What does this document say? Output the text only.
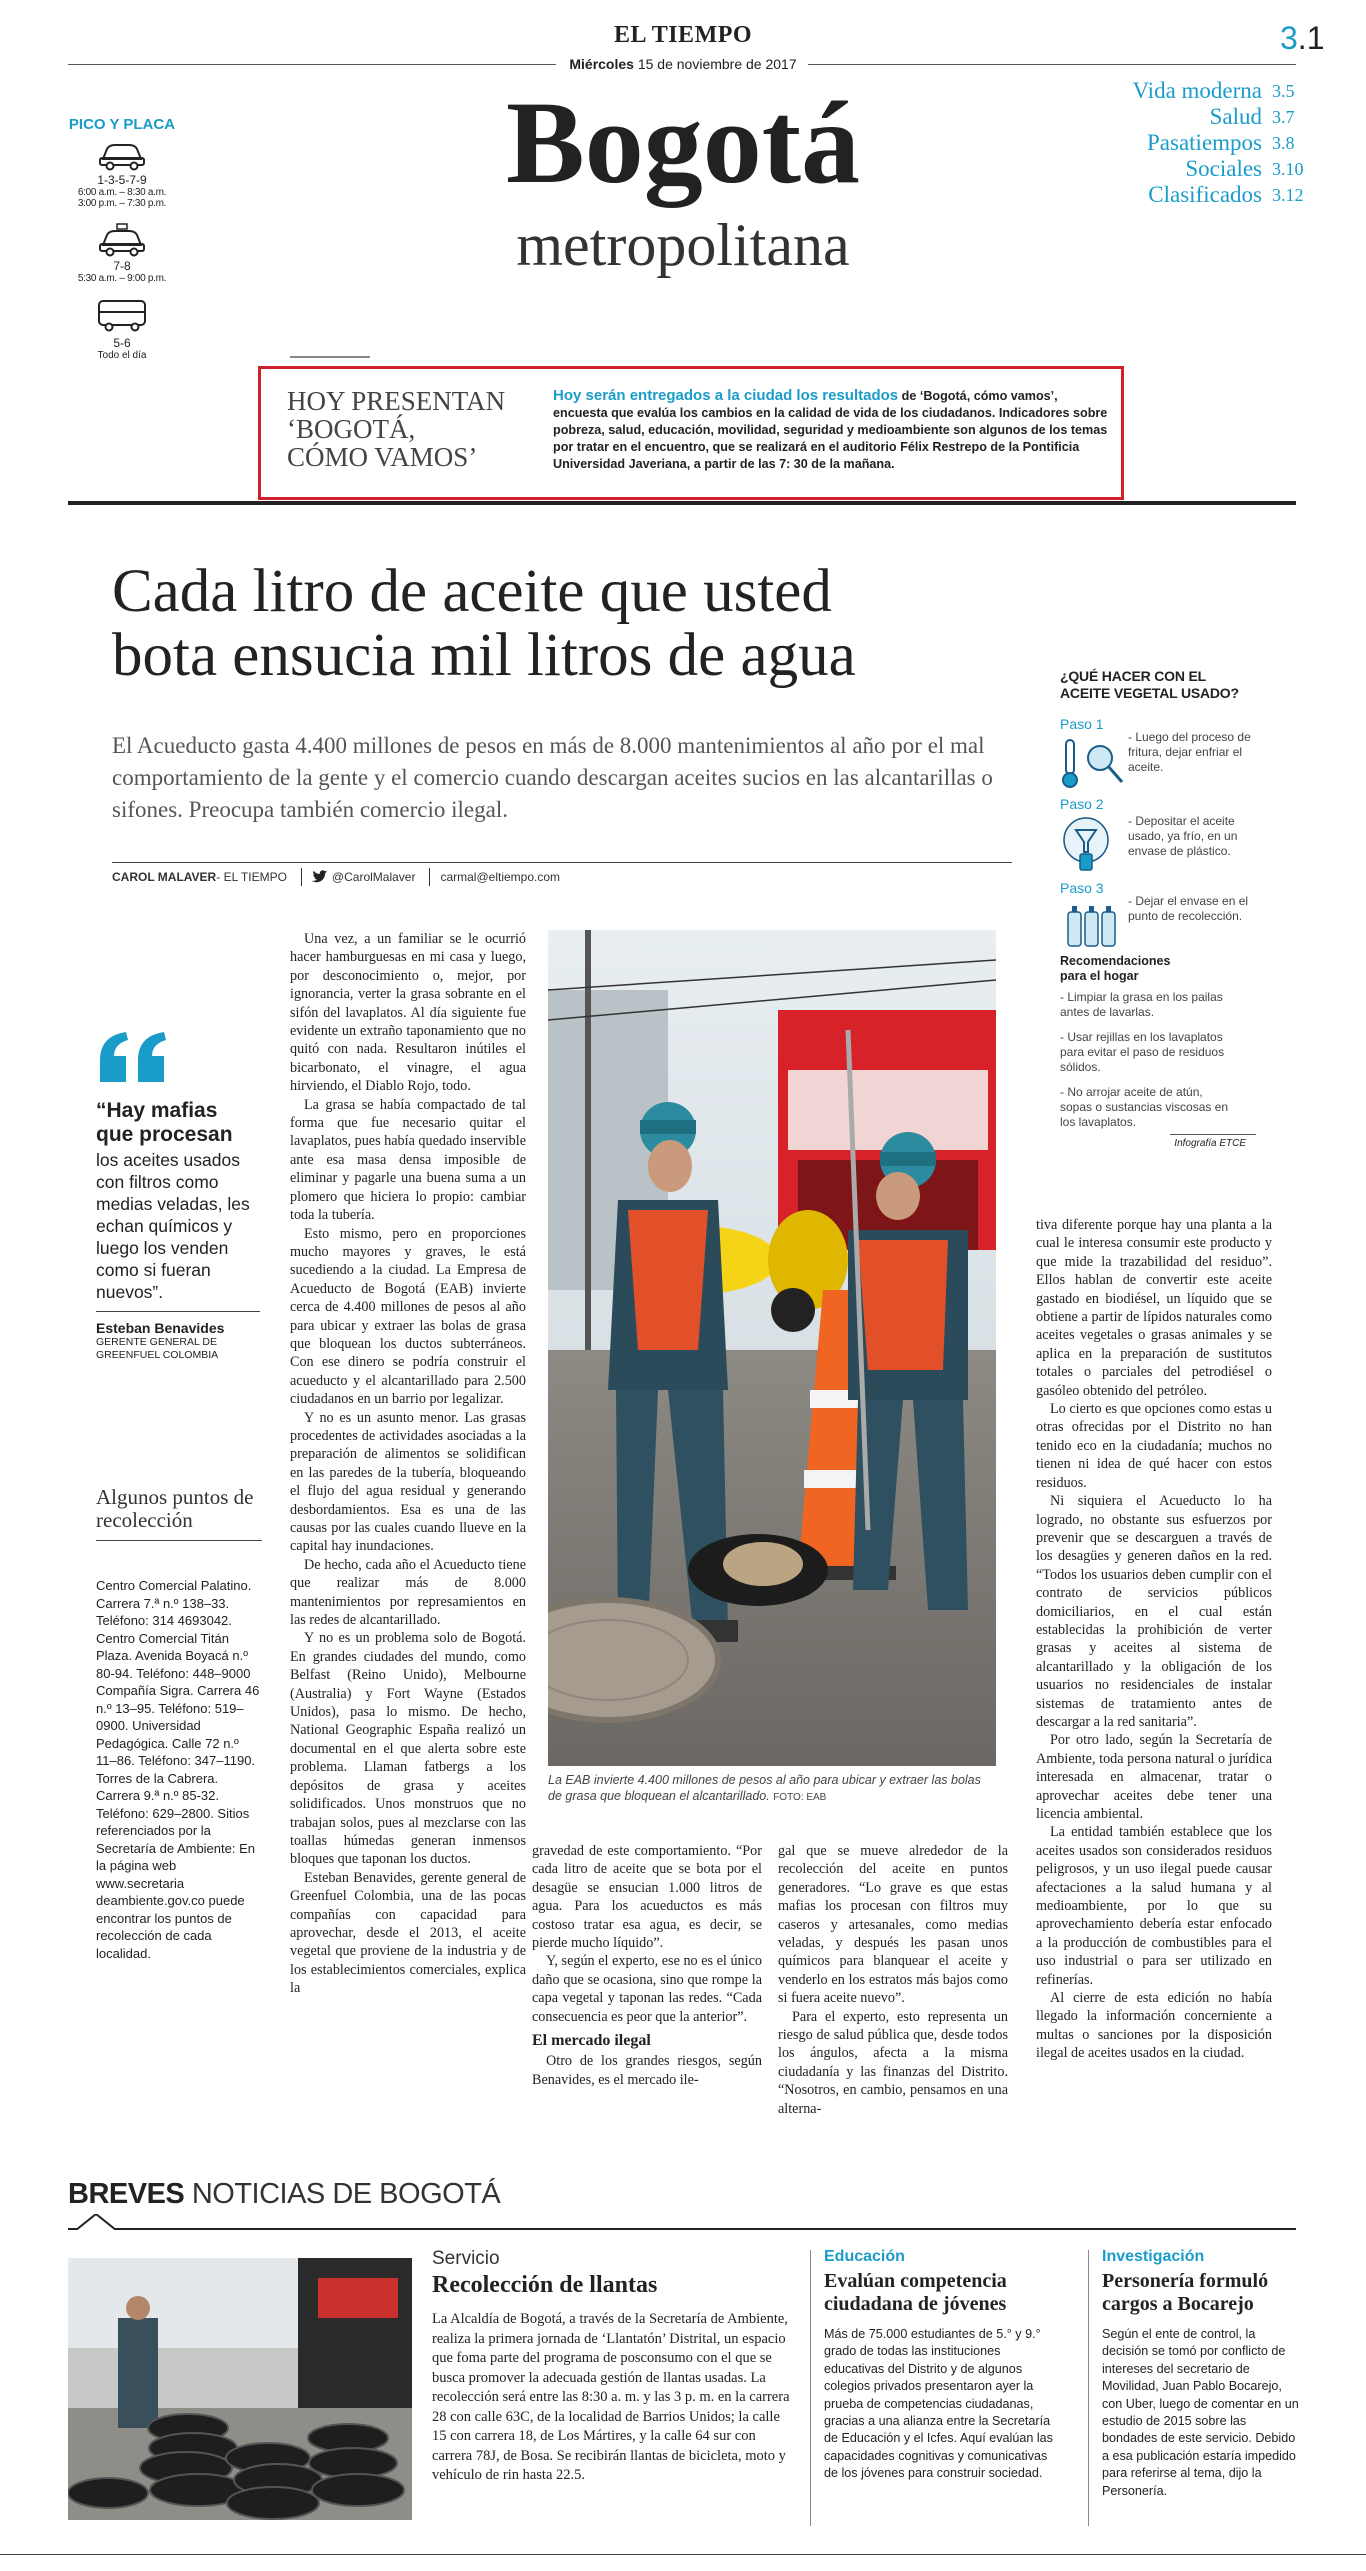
EL TIEMPO
Miércoles 15 de noviembre de 2017
3.1
Bogotá
metropolitana
Vida moderna 3.5
Salud 3.7
Pasatiempos 3.8
Sociales 3.10
Clasificados 3.12
PICO Y PLACA
1-3-5-7-9
6:00 a.m. – 8:30 a.m.
3:00 p.m. – 7:30 p.m.
7-8
5:30 a.m. – 9:00 p.m.
5-6
Todo el día
HOY PRESENTAN
‘BOGOTÁ,
CÓMO VAMOS’
Hoy serán entregados a la ciudad los resultados de ‘Bogotá, cómo vamos’, encuesta que evalúa los cambios en la calidad de vida de los ciudadanos. Indicadores sobre pobreza, salud, educación, movilidad, seguridad y medioambiente son algunos de los temas por tratar en el encuentro, que se realizará en el auditorio Félix Restrepo de la Pontificia Universidad Javeriana, a partir de las 7: 30 de la mañana.
Cada litro de aceite que usted
bota ensucia mil litros de agua
El Acueducto gasta 4.400 millones de pesos en más de 8.000 mantenimientos al año por el mal comportamiento de la gente y el comercio cuando descargan aceites sucios en las alcantarillas o sifones. Preocupa también comercio ilegal.
CAROL MALAVER - EL TIEMPO	@CarolMalaver carmal@eltiempo.com
¿QUÉ HACER CON EL ACEITE VEGETAL USADO?
Paso 1
- Luego del proceso de fritura, dejar enfriar el aceite.
Paso 2
- Depositar el aceite usado, ya frío, en un envase de plástico.
Paso 3
- Dejar el envase en el punto de recolección.
Recomendaciones para el hogar
- Limpiar la grasa en los pailas antes de lavarlas.
- Usar rejillas en los lavaplatos para evitar el paso de residuos sólidos.
- No arrojar aceite de atún, sopas o sustancias viscosas en los lavaplatos.
Infografía ETCE
“Hay mafias que procesan
los aceites usados con filtros como medias veladas, les echan químicos y luego los venden como si fueran nuevos”.
Esteban Benavides
GERENTE GENERAL DE GREENFUEL COLOMBIA
Algunos puntos de recolección
Centro Comercial Palatino. Carrera 7.ª n.º 138–33. Teléfono: 314 4693042. Centro Comercial Titán Plaza. Avenida Boyacá n.º 80-94. Teléfono: 448–9000 Compañía Sigra. Carrera 46 n.º 13–95. Teléfono: 519–0900. Universidad Pedagógica. Calle 72 n.º 11–86. Teléfono: 347–1190. Torres de la Cabrera. Carrera 9.ª n.º 85-32. Teléfono: 629–2800. Sitios referenciados por la Secretaría de Ambiente: En la página web www.secretaria deambiente.gov.co puede encontrar los puntos de recolección de cada localidad.

Una vez, a un familiar se le ocurrió hacer hamburguesas en mi casa y luego, por desconocimiento o, mejor, por ignorancia, verter la grasa sobrante en el sifón del lavaplatos. Al día siguiente fue evidente un extraño taponamiento que no quitó con nada. Resultaron inútiles el bicarbonato, el vinagre, el agua hirviendo, el Diablo Rojo, todo.

La grasa se había compactado de tal forma que fue necesario quitar el lavaplatos, pues había quedado inservible ante esa masa densa imposible de eliminar y pagarle una buena suma a un plomero que hiciera lo propio: cambiar toda la tubería.

Esto mismo, pero en proporciones mucho mayores y graves, le está sucediendo a la ciudad. La Empresa de Acueducto de Bogotá (EAB) invierte cerca de 4.400 millones de pesos al año para ubicar y extraer las bolas de grasa que bloquean los ductos subterráneos. Con ese dinero se podría construir el acueducto y el alcantarillado para 2.500 ciudadanos en un barrio por legalizar.

Y no es un asunto menor. Las grasas procedentes de actividades asociadas a la preparación de alimentos se solidifican en las paredes de la tubería, bloqueando el flujo del agua residual y generando desbordamientos. Esa es una de las causas por las cuales cuando llueve en la capital hay inundaciones.

De hecho, cada año el Acueducto tiene que realizar más de 8.000 mantenimientos por represamientos en las redes de alcantarillado.

Y no es un problema solo de Bogotá. En grandes ciudades del mundo, como Belfast (Reino Unido), Melbourne (Australia) y Fort Wayne (Estados Unidos), pasa lo mismo. De hecho, National Geographic España realizó un documental en el que alerta sobre este problema. Llaman fatbergs a los depósitos de grasa y aceites solidificados. Unos monstruos que no trabajan solos, pues al mezclarse con las toallas húmedas generan inmensos bloques que taponan los ductos.

Esteban Benavides, gerente general de Greenfuel Colombia, una de las pocas compañías con capacidad para aprovechar, desde el 2013, el aceite vegetal que proviene de la industria y de los establecimientos comerciales, explica la

La EAB invierte 4.400 millones de pesos al año para ubicar y extraer las bolas de grasa que bloquean el alcantarillado. FOTO: EAB

gravedad de este comportamiento. “Por cada litro de aceite que se bota por el desagüe se ensucian 1.000 litros de agua. Para los acueductos es más costoso tratar esa agua, es decir, se pierde mucho líquido”.

Y, según el experto, ese no es el único daño que se ocasiona, sino que rompe la capa vegetal y taponan las redes. “Cada consecuencia es peor que la anterior”.

El mercado ilegal

Otro de los grandes riesgos, según Benavides, es el mercado ile-

gal que se mueve alrededor de la recolección del aceite en puntos generadores. “Lo grave es que estas mafias los procesan con filtros muy caseros y artesanales, como medias veladas, y después les pasan unos químicos para blanquear el aceite y venderlo en los estratos más bajos como si fuera aceite nuevo”.

Para el experto, esto representa un riesgo de salud pública que, desde todos los ángulos, afecta a la misma ciudadanía y las finanzas del Distrito. “Nosotros, en cambio, pensamos en una alterna-

tiva diferente porque hay una planta a la cual le interesa consumir este producto y que mide la trazabilidad del residuo”. Ellos hablan de convertir este aceite gastado en biodiésel, un líquido que se obtiene a partir de lípidos naturales como aceites vegetales o grasas animales y se aplica en la preparación de sustitutos totales o parciales del petrodiésel o gasóleo obtenido del petróleo.

Lo cierto es que opciones como estas u otras ofrecidas por el Distrito no han tenido eco en la ciudadanía; muchos no tienen ni idea de qué hacer con estos residuos.

Ni siquiera el Acueducto lo ha logrado, no obstante sus esfuerzos por prevenir que se descarguen a través de los desagües y generen daños en la red. “Todos los usuarios deben cumplir con el contrato de servicios públicos domiciliarios, en el cual están establecidas la prohibición de verter grasas y aceites al sistema de alcantarillado y la obligación de los usuarios no residenciales de instalar sistemas de tratamiento antes de descargar a la red sanitaria”.

Por otro lado, según la Secretaría de Ambiente, toda persona natural o jurídica interesada en almacenar, tratar o aprovechar aceites debe tener una licencia ambiental.

La entidad también establece que los aceites usados son considerados residuos peligrosos, y un uso ilegal puede causar afectaciones a la salud humana y al medioambiente, por lo que su aprovechamiento debería estar enfocado a la producción de combustibles para el uso industrial o para ser utilizado en refinerías.

Al cierre de esta edición no había llegado la información concerniente a multas o sanciones por la disposición ilegal de aceites usados en la ciudad.

BREVES NOTICIAS DE BOGOTÁ
Servicio
Recolección de llantas
La Alcaldía de Bogotá, a través de la Secretaría de Ambiente, realiza la primera jornada de ‘Llantatón’ Distrital, un espacio que foma parte del programa de posconsumo con el que se busca promover la adecuada gestión de llantas usadas. La recolección será entre las 8:30 a. m. y las 3 p. m. en la carrera 28 con calle 63C, de la localidad de Barrios Unidos; la calle 15 con carrera 18, de Los Mártires, y la calle 64 sur con carrera 78J, de Bosa. Se recibirán llantas de bicicleta, moto y vehículo de rin hasta 22.5.
Educación
Evalúan competencia ciudadana de jóvenes
Más de 75.000 estudiantes de 5.° y 9.° grado de todas las instituciones educativas del Distrito y de algunos colegios privados presentaron ayer la prueba de competencias ciudadanas, gracias a una alianza entre la Secretaría de Educación y el Icfes. Aquí evalúan las capacidades cognitivas y comunicativas de los jóvenes para construir sociedad.
Investigación
Personería formuló cargos a Bocarejo
Según el ente de control, la decisión se tomó por conflicto de intereses del secretario de Movilidad, Juan Pablo Bocarejo, con Uber, luego de comentar en un estudio de 2015 sobre las bondades de este servicio. Debido a esa publicación estaría impedido para referirse al tema, dijo la Personería.
